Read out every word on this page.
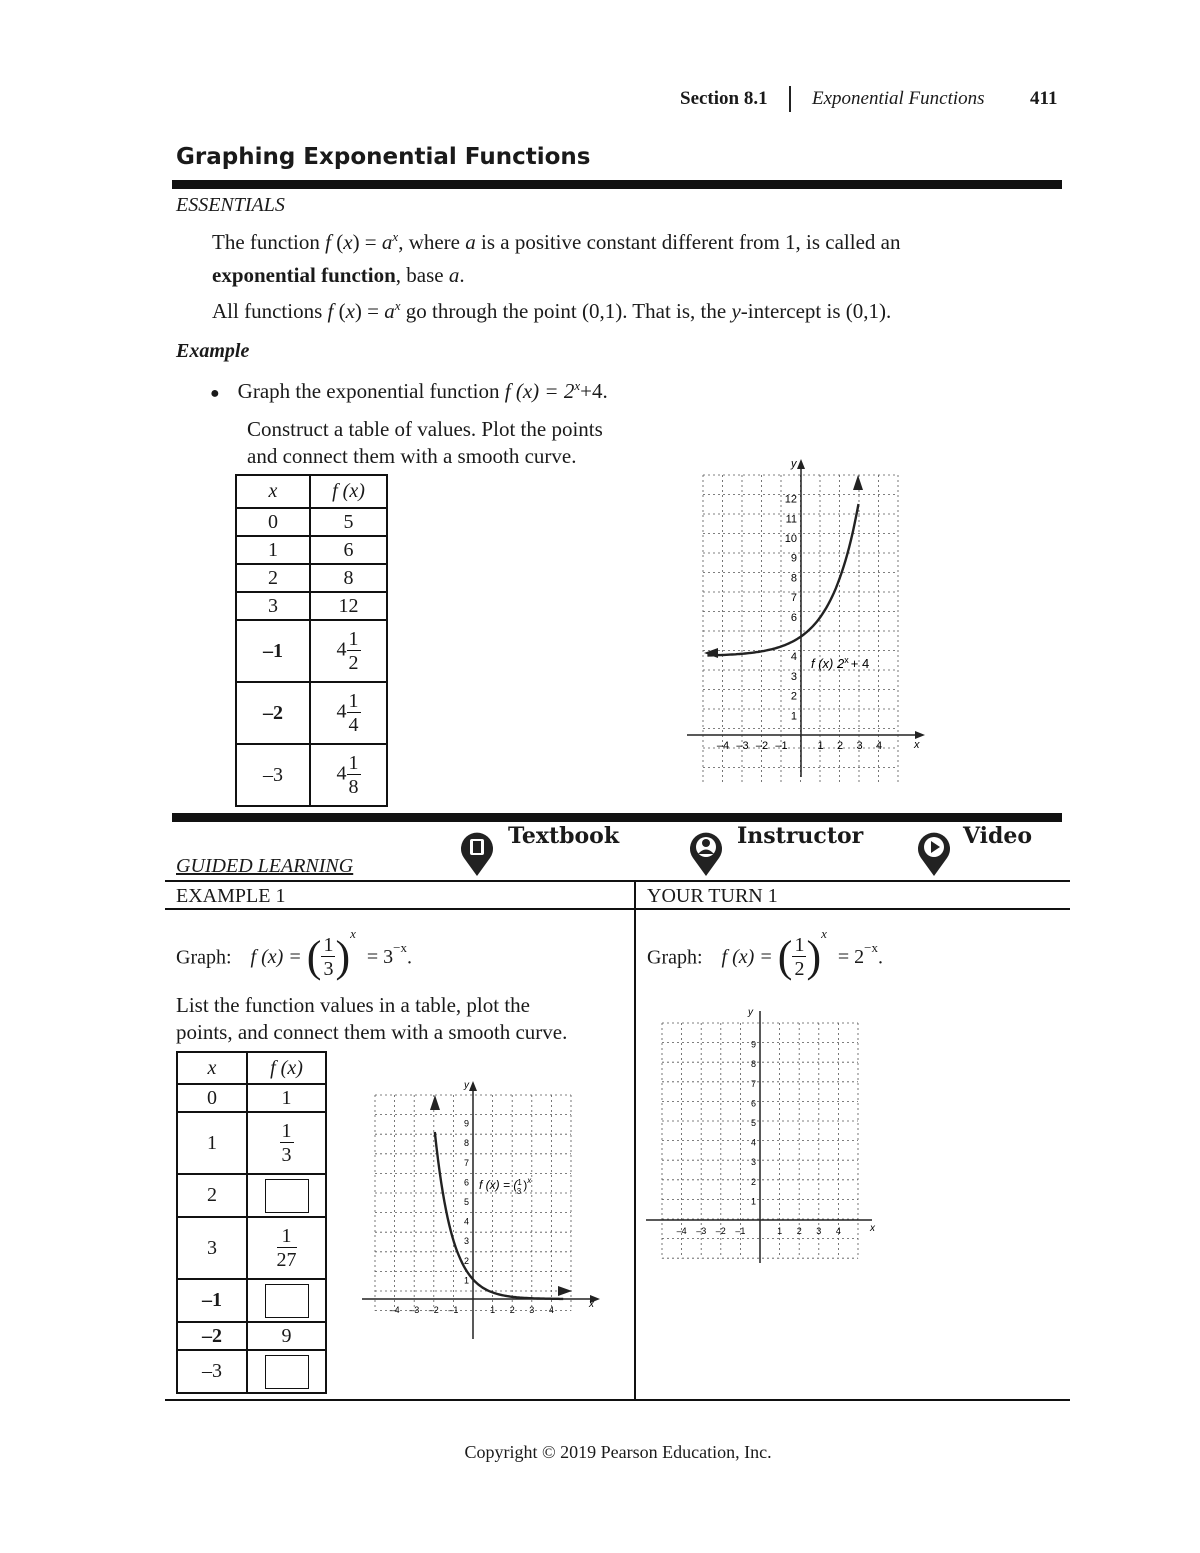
Section 8.1 Exponential Functions 411
Graphing Exponential Functions
ESSENTIALS
The function f $(x) = a^x$, where a is a positive constant different from 1, is called an
exponential function, base a.
All functions f $(x) = a^x$ go through the point (0,1). That is, the y-intercept is (0,1).
Example
● Graph the exponential function f $(x) = 2^x+4$.
Construct a table of values. Plot the points
and connect them with a smooth curve.
x	f (x)
0	5
1	6
2	8
3	12
–1	$4 \frac{1}{2}$

–2	$4 \frac{1}{4}$

–3	$4 \frac{1}{8}$
x
y
–4 –3 –2 –1	1 2 3 4
1
2
3
4
6
7
8
9
10
11
12
f (x) $2^x + 4$
GUIDED LEARNING
Textbook	Instructor	Video
EXAMPLE 1	YOUR TURN 1
Graph: f (x) = ( $\frac{1}{3} )^x = 3^{-x}$.	Graph: f (x) = ( $\frac{1}{2} )^x = 2^{-x}$.
List the function values in a table, plot the
points, and connect them with a smooth curve.
x	f (x)
0	1
1	$\frac{1}{3}$

2	
3	$\frac{1}{27}$

–1	
–2	9
–3	
x
y
–4 –3 –2 –1	1 2 3 4
1
2
3
4
5
6
7
8
9
f (x) = ($^1$ 3 )$^x$
x
y
–4 –3 –2 –1	1 2 3 4
1
2
3
4
5
6
7
8
9
Copyright © 2019 Pearson Education, Inc.
